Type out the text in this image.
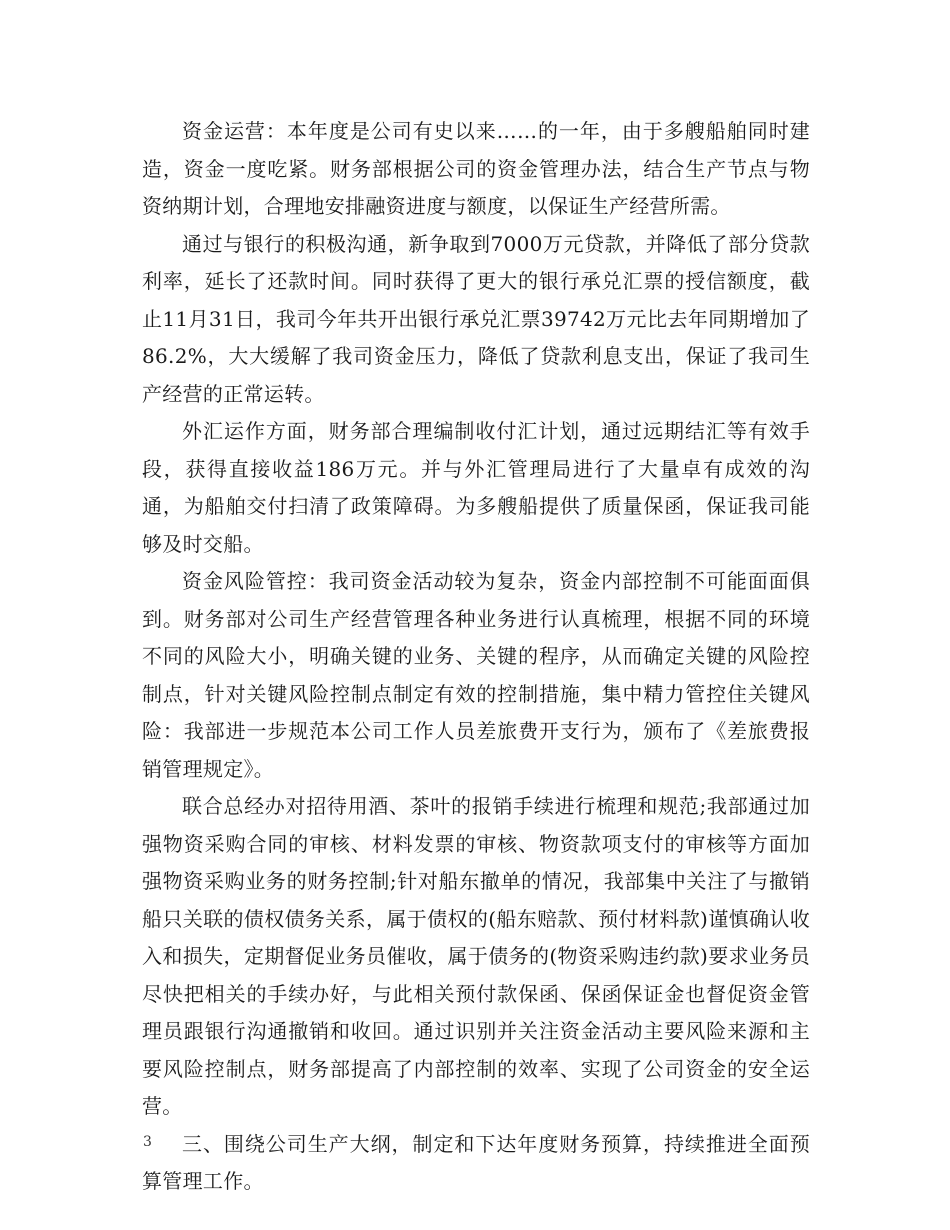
资金运营：本年度是公司有史以来……的一年，由于多艘船舶同时建造，资金一度吃紧。财务部根据公司的资金管理办法，结合生产节点与物资纳期计划，合理地安排融资进度与额度，以保证生产经营所需。

通过与银行的积极沟通，新争取到7000万元贷款，并降低了部分贷款利率，延长了还款时间。同时获得了更大的银行承兑汇票的授信额度，截止11月31日，我司今年共开出银行承兑汇票39742万元比去年同期增加了86.2%，大大缓解了我司资金压力，降低了贷款利息支出，保证了我司生产经营的正常运转。

外汇运作方面，财务部合理编制收付汇计划，通过远期结汇等有效手段，获得直接收益186万元。并与外汇管理局进行了大量卓有成效的沟通，为船舶交付扫清了政策障碍。为多艘船提供了质量保函，保证我司能够及时交船。

资金风险管控：我司资金活动较为复杂，资金内部控制不可能面面俱到。财务部对公司生产经营管理各种业务进行认真梳理，根据不同的环境不同的风险大小，明确关键的业务、关键的程序，从而确定关键的风险控制点，针对关键风险控制点制定有效的控制措施，集中精力管控住关键风险：我部进一步规范本公司工作人员差旅费开支行为，颁布了《差旅费报销管理规定》。

联合总经办对招待用酒、茶叶的报销手续进行梳理和规范;我部通过加强物资采购合同的审核、材料发票的审核、物资款项支付的审核等方面加强物资采购业务的财务控制;针对船东撤单的情况，我部集中关注了与撤销船只关联的债权债务关系，属于债权的(船东赔款、预付材料款)谨慎确认收入和损失，定期督促业务员催收，属于债务的(物资采购违约款)要求业务员尽快把相关的手续办好，与此相关预付款保函、保函保证金也督促资金管理员跟银行沟通撤销和收回。通过识别并关注资金活动主要风险来源和主要风险控制点，财务部提高了内部控制的效率、实现了公司资金的安全运营。

三、围绕公司生产大纲，制定和下达年度财务预算，持续推进全面预算管理工作。

3
